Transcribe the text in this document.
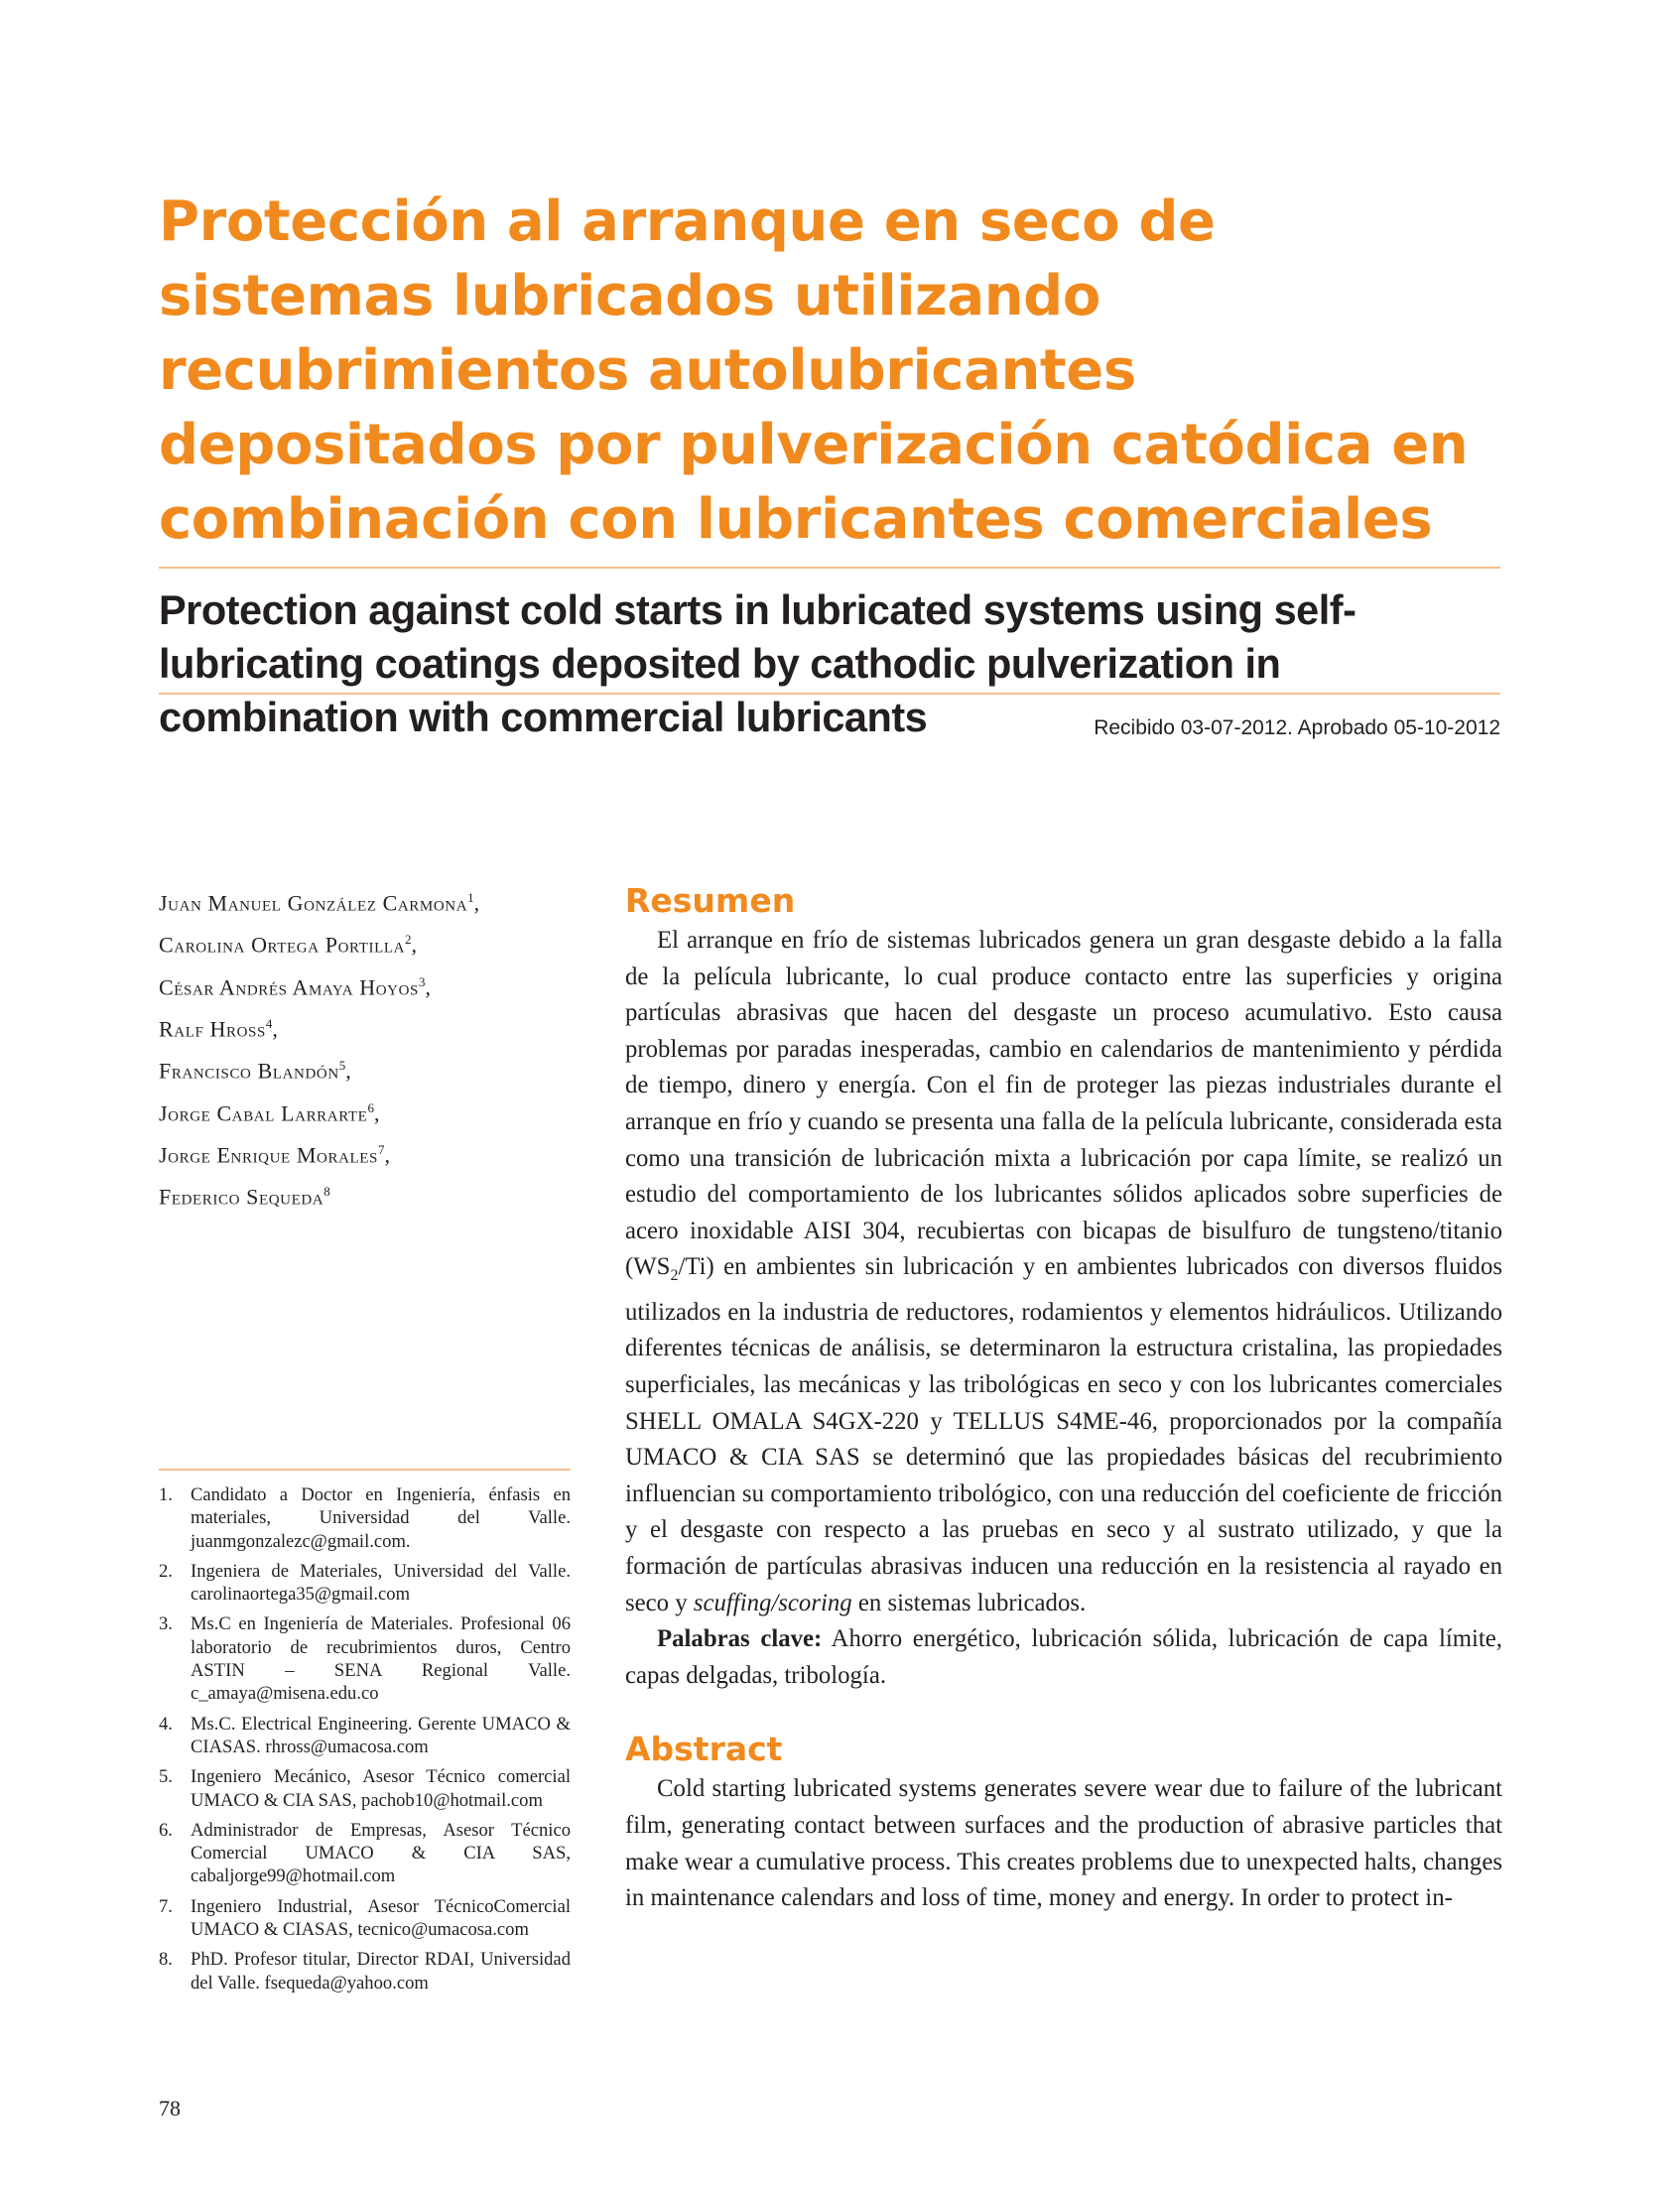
Protección al arranque en seco de sistemas lubricados utilizando recubrimientos autolubricantes depositados por pulverización catódica en combinación con lubricantes comerciales
Protection against cold starts in lubricated systems using self-lubricating coatings deposited by cathodic pulverization in combination with commercial lubricants	Recibido 03-07-2012. Aprobado 05-10-2012
Juan Manuel González Carmona$^1$,
Carolina Ortega Portilla$^2$,
César Andrés Amaya Hoyos$^3$,
Ralf Hross$^4$,
Francisco Blandón$^5$,
Jorge Cabal Larrarte$^6$,
Jorge Enrique Morales$^7$,
Federico Sequeda$^8$
1. Candidato a Doctor en Ingeniería, énfasis en materiales, Universidad del Valle. juanmgonzalezc@gmail.com.
2. Ingeniera de Materiales, Universidad del Valle. carolinaortega35@gmail.com
3. Ms.C en Ingeniería de Materiales. Profesional 06 laboratorio de recubrimientos duros, Centro ASTIN – SENA Regional Valle. c_amaya@misena.edu.co
4. Ms.C. Electrical Engineering. Gerente UMACO & CIASAS. rhross@umacosa.com
5. Ingeniero Mecánico, Asesor Técnico comercial UMACO & CIA SAS, pachob10@hotmail.com
6. Administrador de Empresas, Asesor Técnico Comercial UMACO & CIA SAS, cabaljorge99@hotmail.com
7. Ingeniero Industrial, Asesor TécnicoComercial UMACO & CIASAS, tecnico@umacosa.com
8. PhD. Profesor titular, Director RDAI, Universidad del Valle. fsequeda@yahoo.com
78
Resumen

El arranque en frío de sistemas lubricados genera un gran desgaste debido a la falla de la película lubricante, lo cual produce contacto entre las superficies y origina partículas abrasivas que hacen del desgaste un proceso acumulativo. Esto causa problemas por paradas inesperadas, cambio en calendarios de mantenimiento y pérdida de tiempo, dinero y energía. Con el fin de proteger las piezas industriales durante el arranque en frío y cuando se presenta una falla de la película lubricante, considerada esta como una transición de lubricación mixta a lubricación por capa límite, se realizó un estudio del comportamiento de los lubricantes sólidos aplicados sobre superficies de acero inoxidable AISI 304, recubiertas con bicapas de bisulfuro de tungsteno/titanio $(WS_2/Ti)$ en ambientes sin lubricación y en ambientes lubricados con diversos fluidos utilizados en la industria de reductores, rodamientos y elementos hidráulicos. Utilizando diferentes técnicas de análisis, se determinaron la estructura cristalina, las propiedades superficiales, las mecánicas y las tribológicas en seco y con los lubricantes comerciales SHELL OMALA S4GX-220 y TELLUS S4ME-46, proporcionados por la compañía UMACO & CIA SAS se determinó que las propiedades básicas del recubrimiento influencian su comportamiento tribológico, con una reducción del coeficiente de fricción y el desgaste con respecto a las pruebas en seco y al sustrato utilizado, y que la formación de partículas abrasivas inducen una reducción en la resistencia al rayado en seco y scuffing/scoring en sistemas lubricados.

Palabras clave: Ahorro energético, lubricación sólida, lubricación de capa límite, capas delgadas, tribología.

Abstract

Cold starting lubricated systems generates severe wear due to failure of the lubricant film, generating contact between surfaces and the production of abrasive particles that make wear a cumulative process. This creates problems due to unexpected halts, changes in maintenance calendars and loss of time, money and energy. In order to protect in-
